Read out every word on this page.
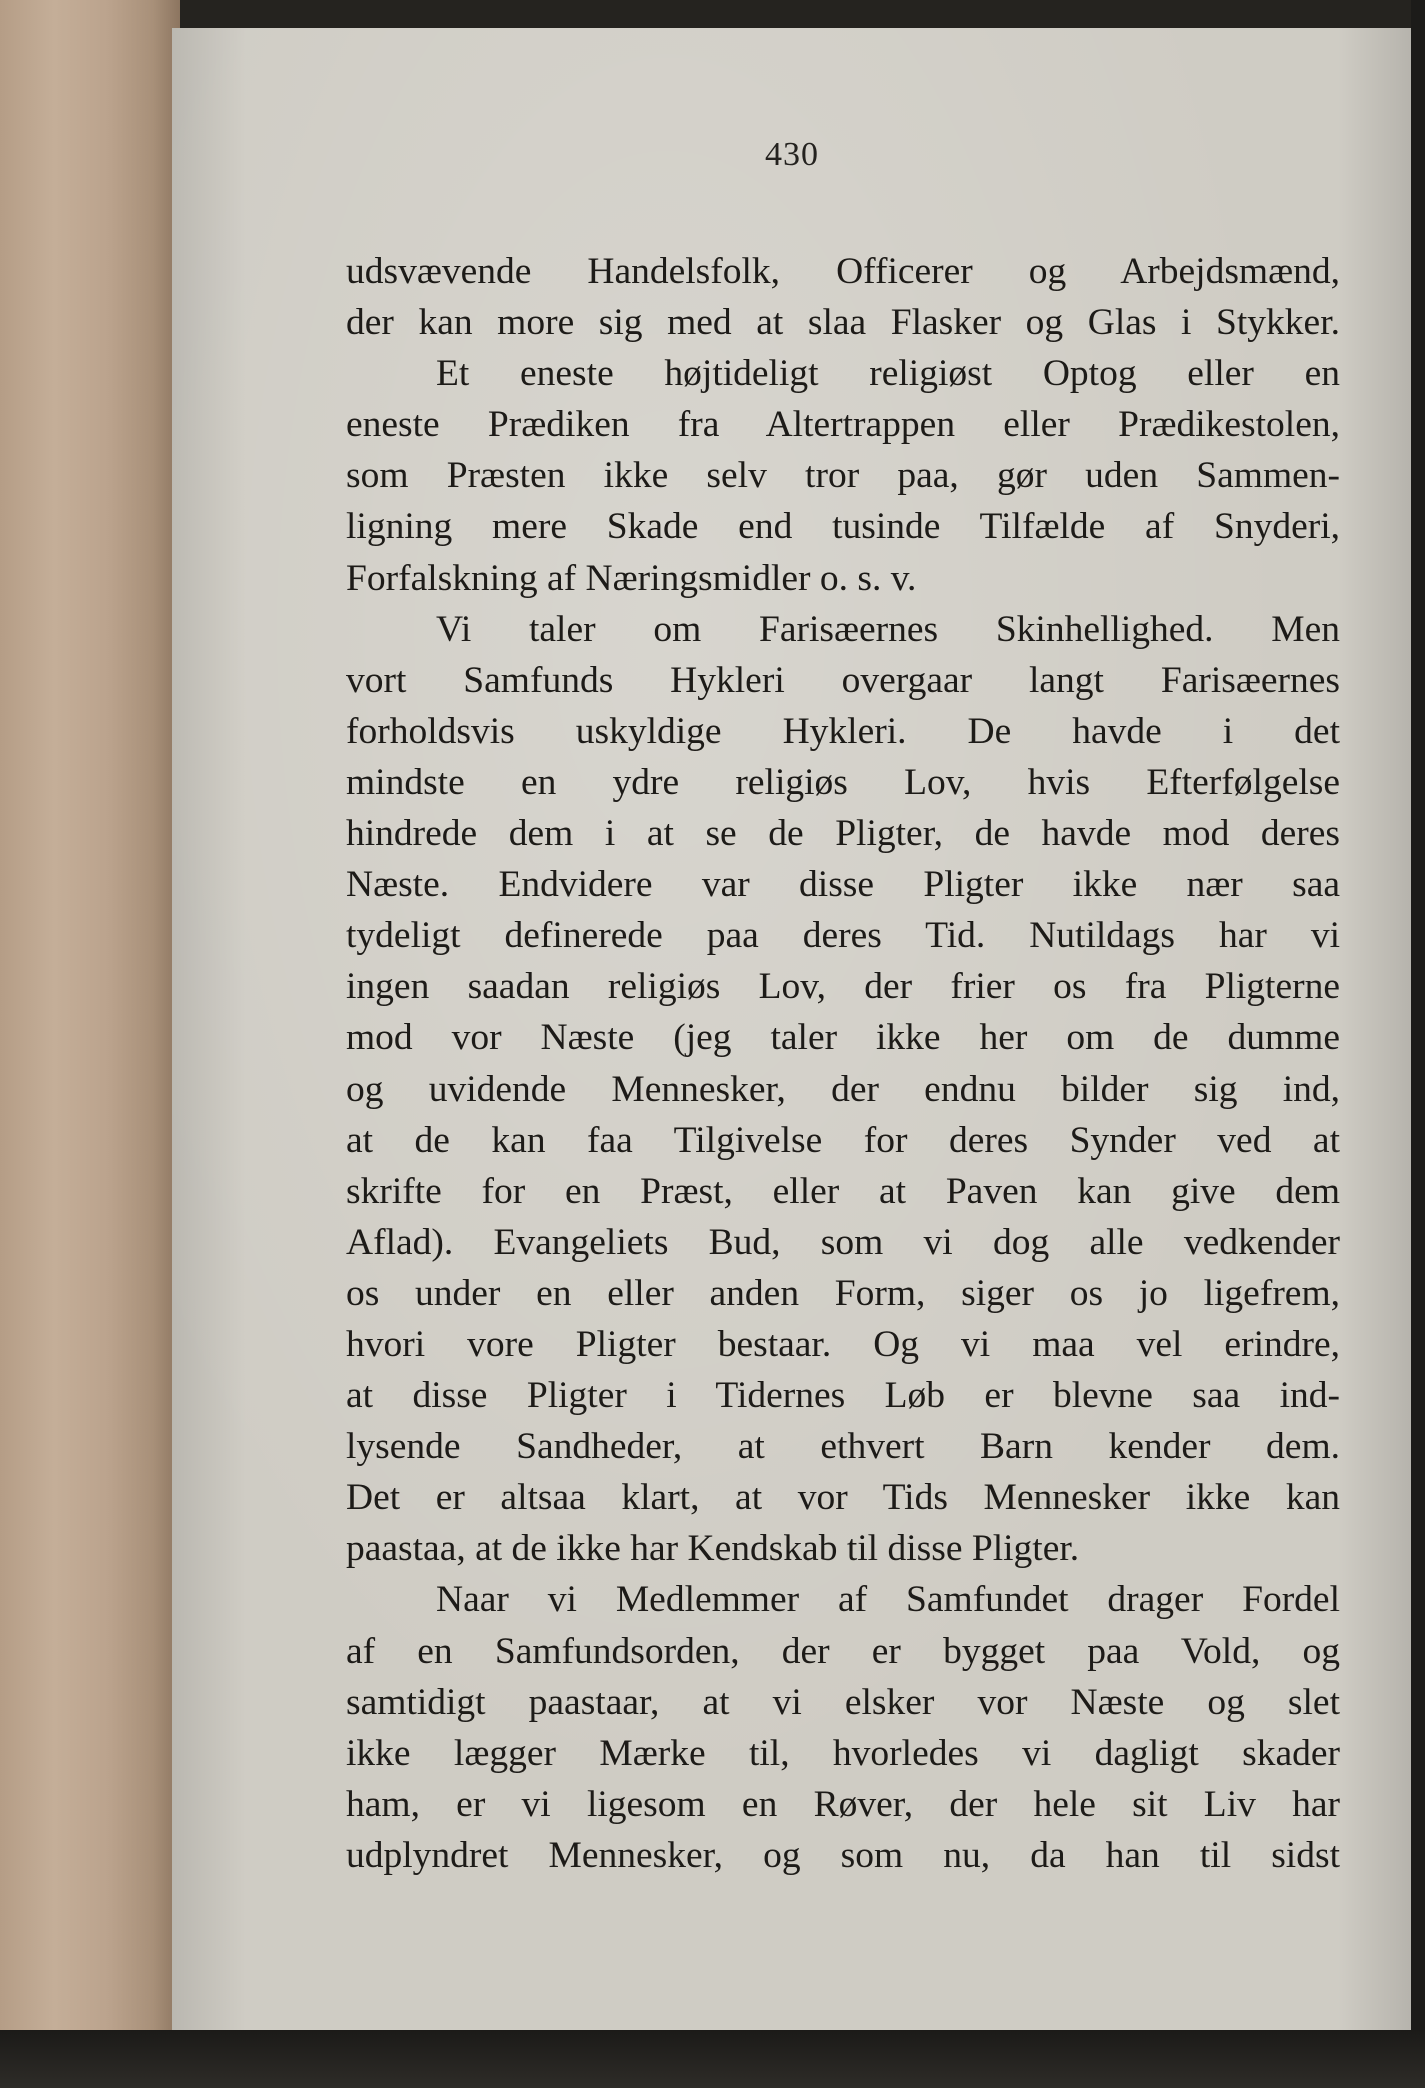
430
udsvævende Handelsfolk, Officerer og Arbejdsmænd,
der kan more sig med at slaa Flasker og Glas i Stykker.
Et eneste højtideligt religiøst Optog eller en
eneste Prædiken fra Altertrappen eller Prædikestolen,
som Præsten ikke selv tror paa, gør uden Sammen-
ligning mere Skade end tusinde Tilfælde af Snyderi,
Forfalskning af Næringsmidler o. s. v.
Vi taler om Farisæernes Skinhellighed. Men
vort Samfunds Hykleri overgaar langt Farisæernes
forholdsvis uskyldige Hykleri. De havde i det
mindste en ydre religiøs Lov, hvis Efterfølgelse
hindrede dem i at se de Pligter, de havde mod deres
Næste. Endvidere var disse Pligter ikke nær saa
tydeligt definerede paa deres Tid. Nutildags har vi
ingen saadan religiøs Lov, der frier os fra Pligterne
mod vor Næste (jeg taler ikke her om de dumme
og uvidende Mennesker, der endnu bilder sig ind,
at de kan faa Tilgivelse for deres Synder ved at
skrifte for en Præst, eller at Paven kan give dem
Aflad). Evangeliets Bud, som vi dog alle vedkender
os under en eller anden Form, siger os jo ligefrem,
hvori vore Pligter bestaar. Og vi maa vel erindre,
at disse Pligter i Tidernes Løb er blevne saa ind-
lysende Sandheder, at ethvert Barn kender dem.
Det er altsaa klart, at vor Tids Mennesker ikke kan
paastaa, at de ikke har Kendskab til disse Pligter.
Naar vi Medlemmer af Samfundet drager Fordel
af en Samfundsorden, der er bygget paa Vold, og
samtidigt paastaar, at vi elsker vor Næste og slet
ikke lægger Mærke til, hvorledes vi dagligt skader
ham, er vi ligesom en Røver, der hele sit Liv har
udplyndret Mennesker, og som nu, da han til sidst
